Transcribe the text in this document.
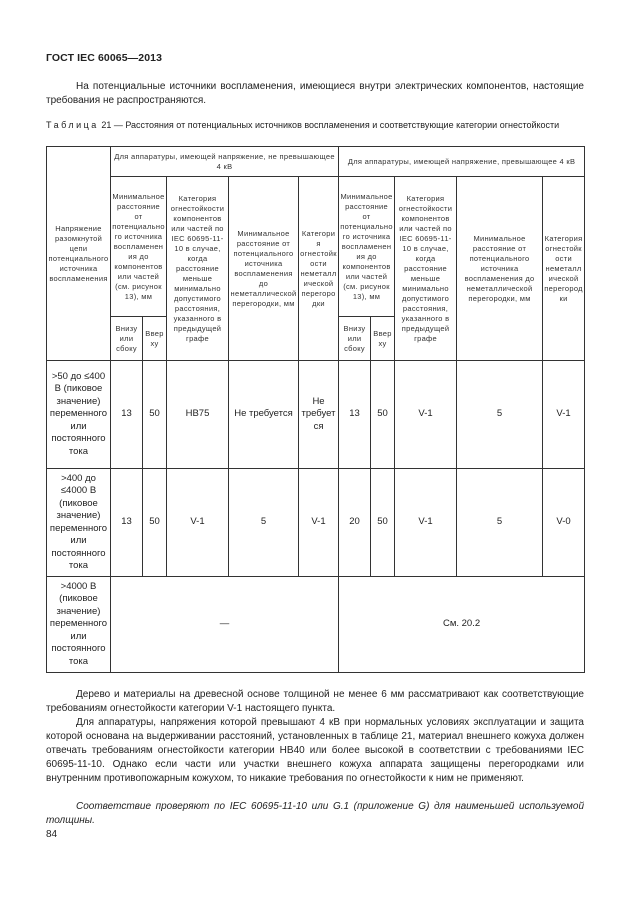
ГОСТ IEC 60065—2013
На потенциальные источники воспламенения, имеющиеся внутри электрических компонентов, настоящие требования не распространяются.
Таблица 21 — Расстояния от потенциальных источников воспламенения и соответствующие категории огнестойкости
Напряжение разомкнутой цепи потенциального источника воспламенения	Для аппаратуры, имеющей напряжение, не превышающее 4 кВ					Для аппаратуры, имеющей напряжение, превышающее 4 кВ				
	Минимальное расстояние от потенциального источника воспламенения до компонентов или частей (см. рисунок 13), мм		Категория огнестойкости компонентов или частей по IEC 60695-11-10 в случае, когда расстояние меньше минимально допустимого расстояния, указанного в предыдущей графе	Минимальное расстояние от потенциального источника воспламенения до неметаллической перегородки, мм	Категория огнестойкости неметаллической перегородки	Минимальное расстояние от потенциального источника воспламенения до компонентов или частей (см. рисунок 13), мм		Категория огнестойкости компонентов или частей по IEC 60695-11-10 в случае, когда расстояние меньше минимально допустимого расстояния, указанного в предыдущей графе	Минимальное расстояние от потенциального источника воспламенения до неметаллической перегородки, мм	Категория огнестойкости неметаллической перегородки
	Внизу или сбоку	Вверху				Внизу или сбоку	Вверху			
>50 до ≤400 В (пиковое значение) переменного или постоянного тока	13	50	HB75	Не требуется	Не требуется	13	50	V-1	5	V-1
>400 до ≤4000 В (пиковое значение) переменного или постоянного тока	13	50	V-1	5	V-1	20	50	V-1	5	V-0
>4000 В (пиковое значение) переменного или постоянного тока	—					См. 20.2				
Дерево и материалы на древесной основе толщиной не менее 6 мм рассматривают как соответствующие требованиям огнестойкости категории V-1 настоящего пункта.
Для аппаратуры, напряжения которой превышают 4 кВ при нормальных условиях эксплуатации и защита которой основана на выдерживании расстояний, установленных в таблице 21, материал внешнего кожуха должен отвечать требованиям огнестойкости категории НВ40 или более высокой в соответствии с требованиями IEC 60695-11-10. Однако если части или участки внешнего кожуха аппарата защищены перегородками или внутренним противопожарным кожухом, то никакие требования по огнестойкости к ним не применяют.
Соответствие проверяют по IEC 60695-11-10 или G.1 (приложение G) для наименьшей используемой толщины.
84
